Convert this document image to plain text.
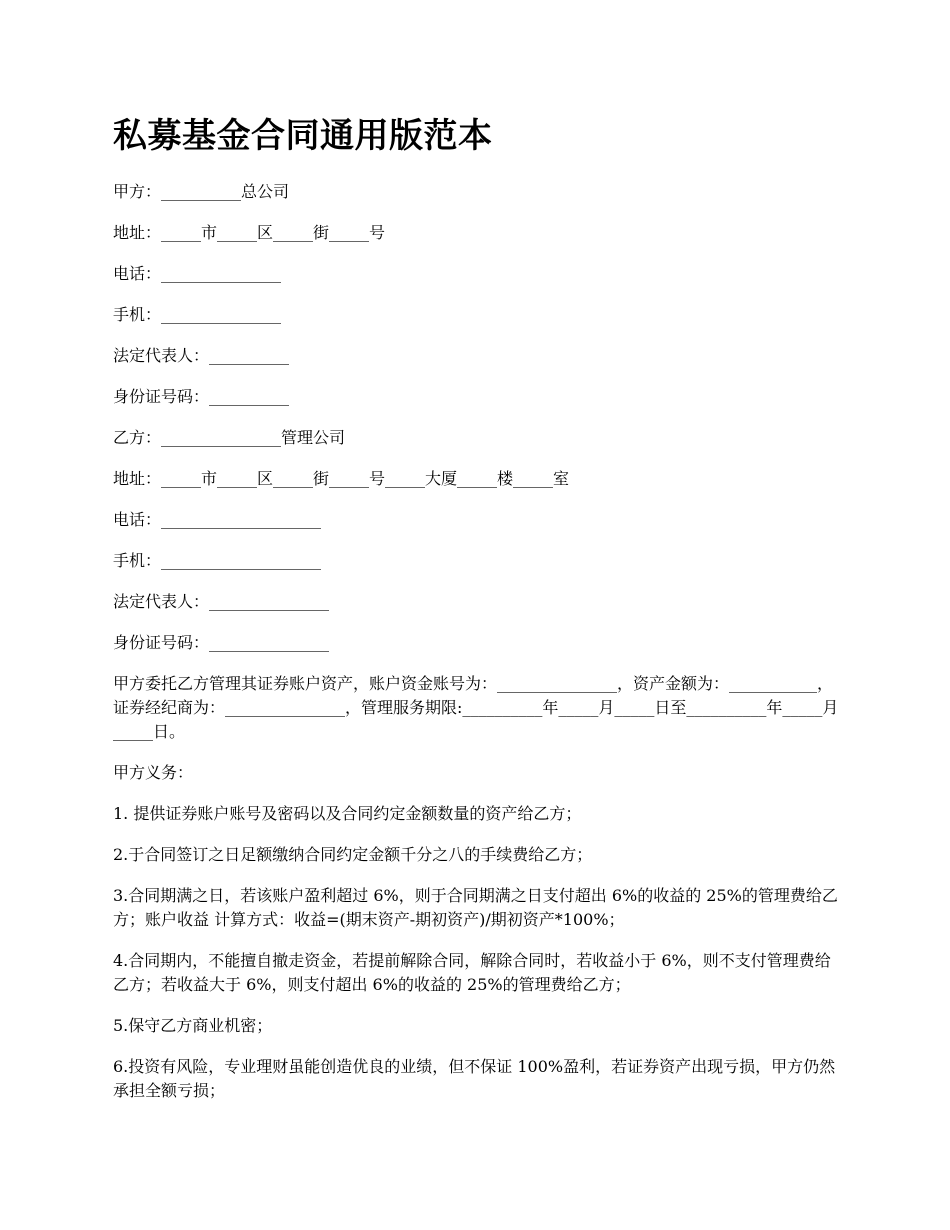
私募基金合同通用版范本

甲方：__________总公司

地址：_____市_____区_____街_____号

电话：_______________

手机：_______________

法定代表人：__________

身份证号码：__________

乙方：_______________管理公司

地址：_____市_____区_____街_____号_____大厦_____楼_____室

电话：____________________

手机：____________________

法定代表人：_______________

身份证号码：_______________

甲方委托乙方管理其证券账户资产，账户资金账号为：_______________，资产金额为：___________，证券经纪商为：_______________，管理服务期限:__________年_____月_____日至__________年_____月_____日。

甲方义务：

1. 提供证券账户账号及密码以及合同约定金额数量的资产给乙方；

2.于合同签订之日足额缴纳合同约定金额千分之八的手续费给乙方；

3.合同期满之日，若该账户盈利超过 6%，则于合同期满之日支付超出 6%的收益的 25%的管理费给乙方；账户收益 计算方式：收益=(期末资产-期初资产)/期初资产*100%；

4.合同期内，不能擅自撤走资金，若提前解除合同，解除合同时，若收益小于 6%，则不支付管理费给乙方；若收益大于 6%，则支付超出 6%的收益的 25%的管理费给乙方；

5.保守乙方商业机密；

6.投资有风险，专业理财虽能创造优良的业绩，但不保证 100%盈利，若证券资产出现亏损，甲方仍然承担全额亏损；
